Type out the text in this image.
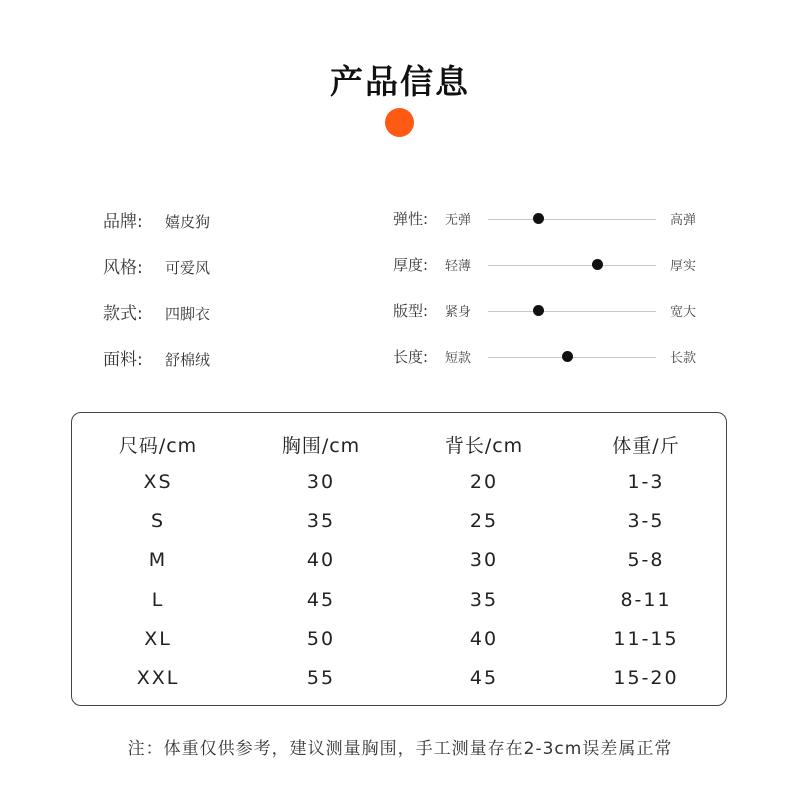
产品信息
品牌: 嬉皮狗
风格: 可爱风
款式: 四脚衣
面料: 舒棉绒
弹性: 无弹	高弹
厚度: 轻薄	厚实
版型: 紧身	宽大
长度: 短款	长款
尺码/cm	胸围/cm	背长/cm	体重/斤
XS	30	20	1-3
S	35	25	3-5
M	40	30	5-8
L	45	35	8-11
XL	50	40	11-15
XXL	55	45	15-20
注：体重仅供参考，建议测量胸围，手工测量存在2-3cm误差属正常
